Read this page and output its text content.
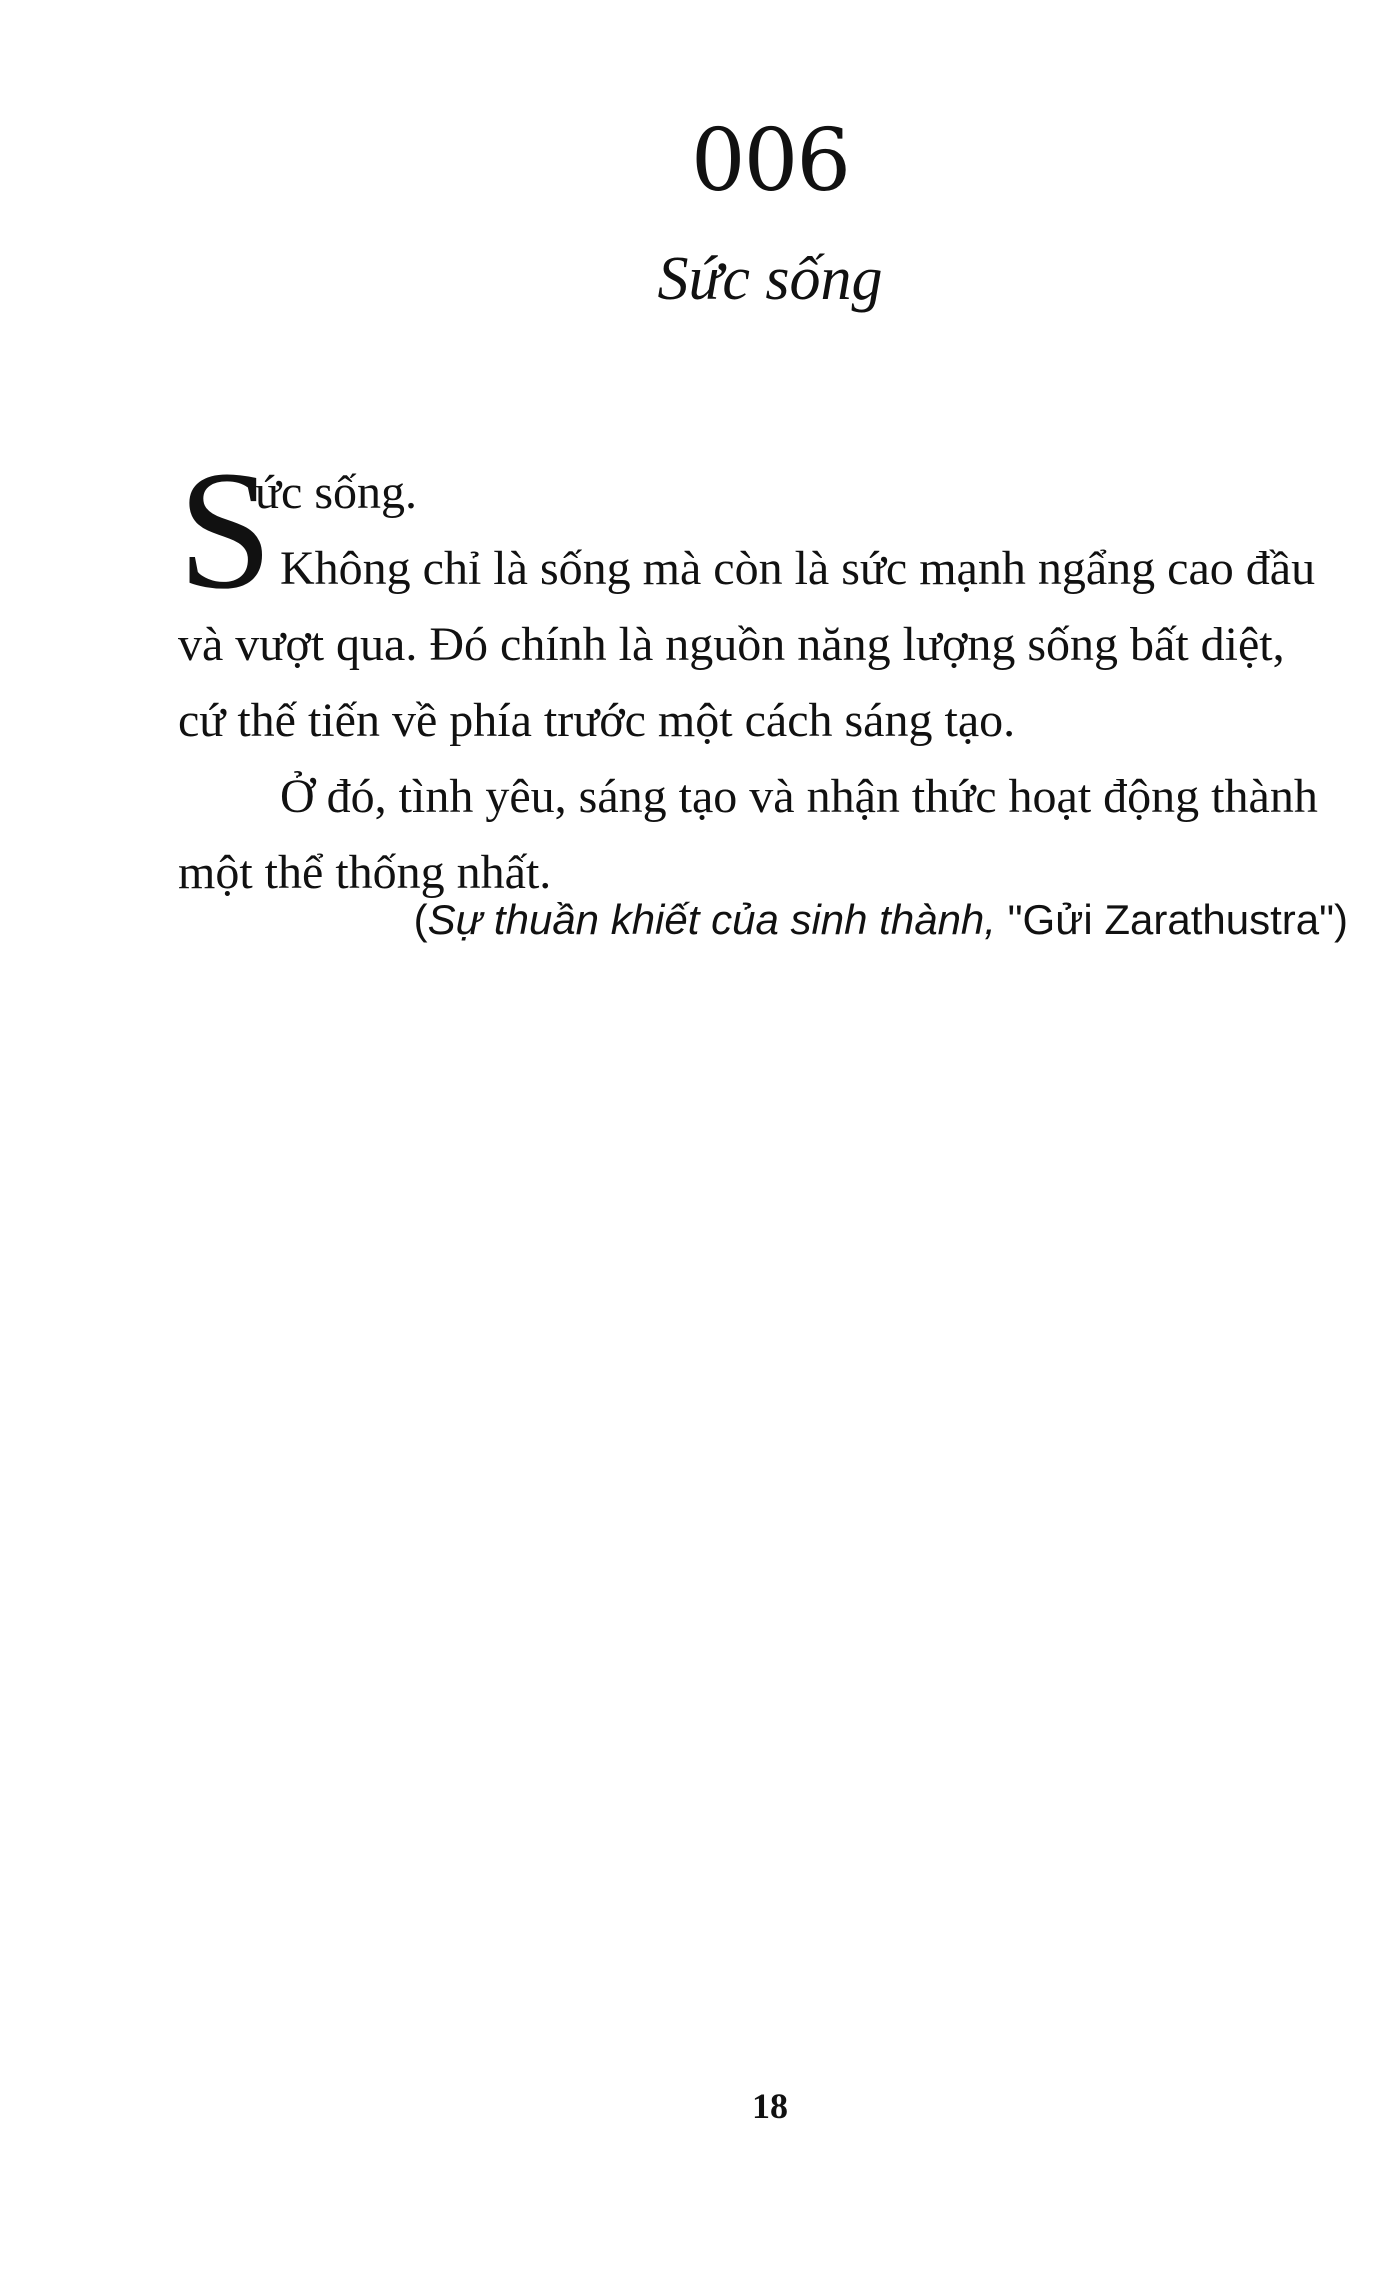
006
Sức sống
S
ức sống.
Không chỉ là sống mà còn là sức mạnh ngẩng cao đầu
và vượt qua. Đó chính là nguồn năng lượng sống bất diệt,
cứ thế tiến về phía trước một cách sáng tạo.
Ở đó, tình yêu, sáng tạo và nhận thức hoạt động thành
một thể thống nhất.
(Sự thuần khiết của sinh thành, "Gửi Zarathustra")
18
